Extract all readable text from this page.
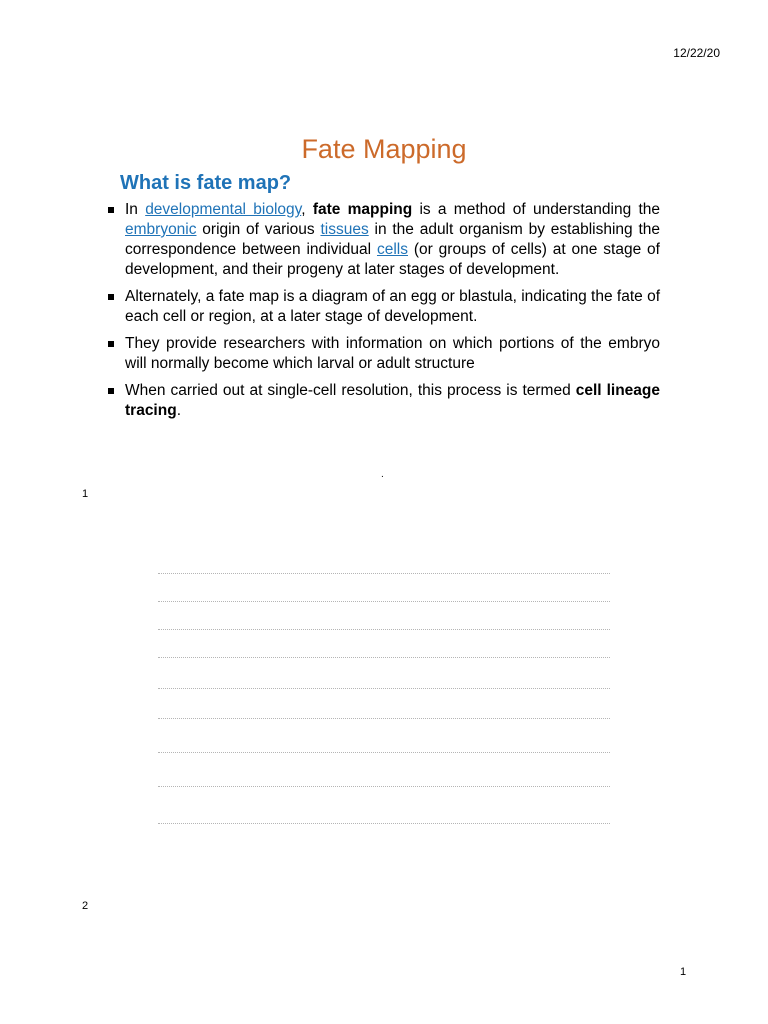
12/22/20
Fate Mapping
What is fate map?
In developmental biology, fate mapping is a method of understanding the embryonic origin of various tissues in the adult organism by establishing the correspondence between individual cells (or groups of cells) at one stage of development, and their progeny at later stages of development.
Alternately, a fate map is a diagram of an egg or blastula, indicating the fate of each cell or region, at a later stage of development.
They provide researchers with information on which portions of the embryo will normally become which larval or adult structure
When carried out at single-cell resolution, this process is termed cell lineage tracing.
.
1
2
1
